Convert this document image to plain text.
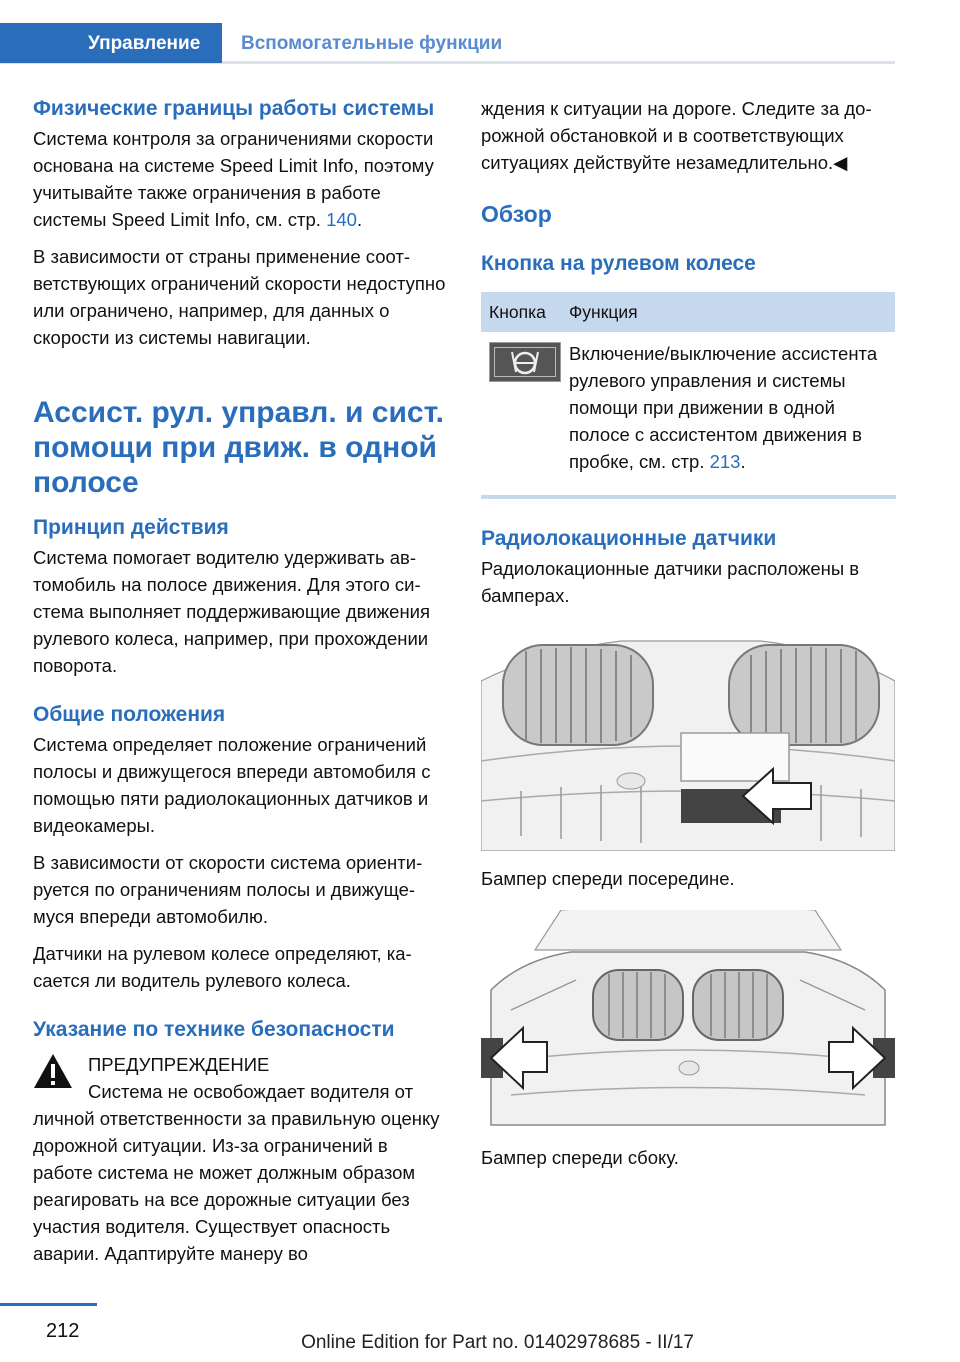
Управление Вспомогательные функции
Физические границы работы системы

Система контроля за ограничениями скорости основана на системе Speed Limit Info, поэтому учитывайте также ограничения в работе системы Speed Limit Info, см. стр. 140.

В зависимости от страны применение соответствующих ограничений скорости недоступно или ограничено, например, для данных о скорости из системы навигации.

Ассист. рул. управл. и сист. помощи при движ. в одной полосе
Принцип действия

Система помогает водителю удерживать автомобиль на полосе движения. Для этого система выполняет поддерживающие движения рулевого колеса, например, при прохождении поворота.

Общие положения

Система определяет положение ограничений полосы и движущегося впереди автомобиля с помощью пяти радиолокационных датчиков и видеокамеры.

В зависимости от скорости система ориентируется по ограничениям полосы и движущемуся впереди автомобилю.

Датчики на рулевом колесе определяют, касается ли водитель рулевого колеса.

Указание по технике безопасности

ПРЕДУПРЕЖДЕНИЕ

Система не освобождает водителя от

личной ответственности за правильную оценку дорожной ситуации. Из-за ограничений в работе система не может должным образом реагировать на все дорожные ситуации без участия водителя. Существует опасность аварии. Адаптируйте манеру во

ждения к ситуации на дороге. Следите за дорожной обстановкой и в соответствующих ситуациях действуйте незамедлительно.◀

Обзор
Кнопка на рулевом колесе
Кнопка	Функция

	Включение/выключение ассистента рулевого управления и системы помощи при движении в одной полосе с ассистентом движения в пробке, см. стр. 213.
Радиолокационные датчики

Радиолокационные датчики расположены в бамперах.

Бампер спереди посередине.

Бампер спереди сбоку.

212
Online Edition for Part no. 01402978685 - II/17
